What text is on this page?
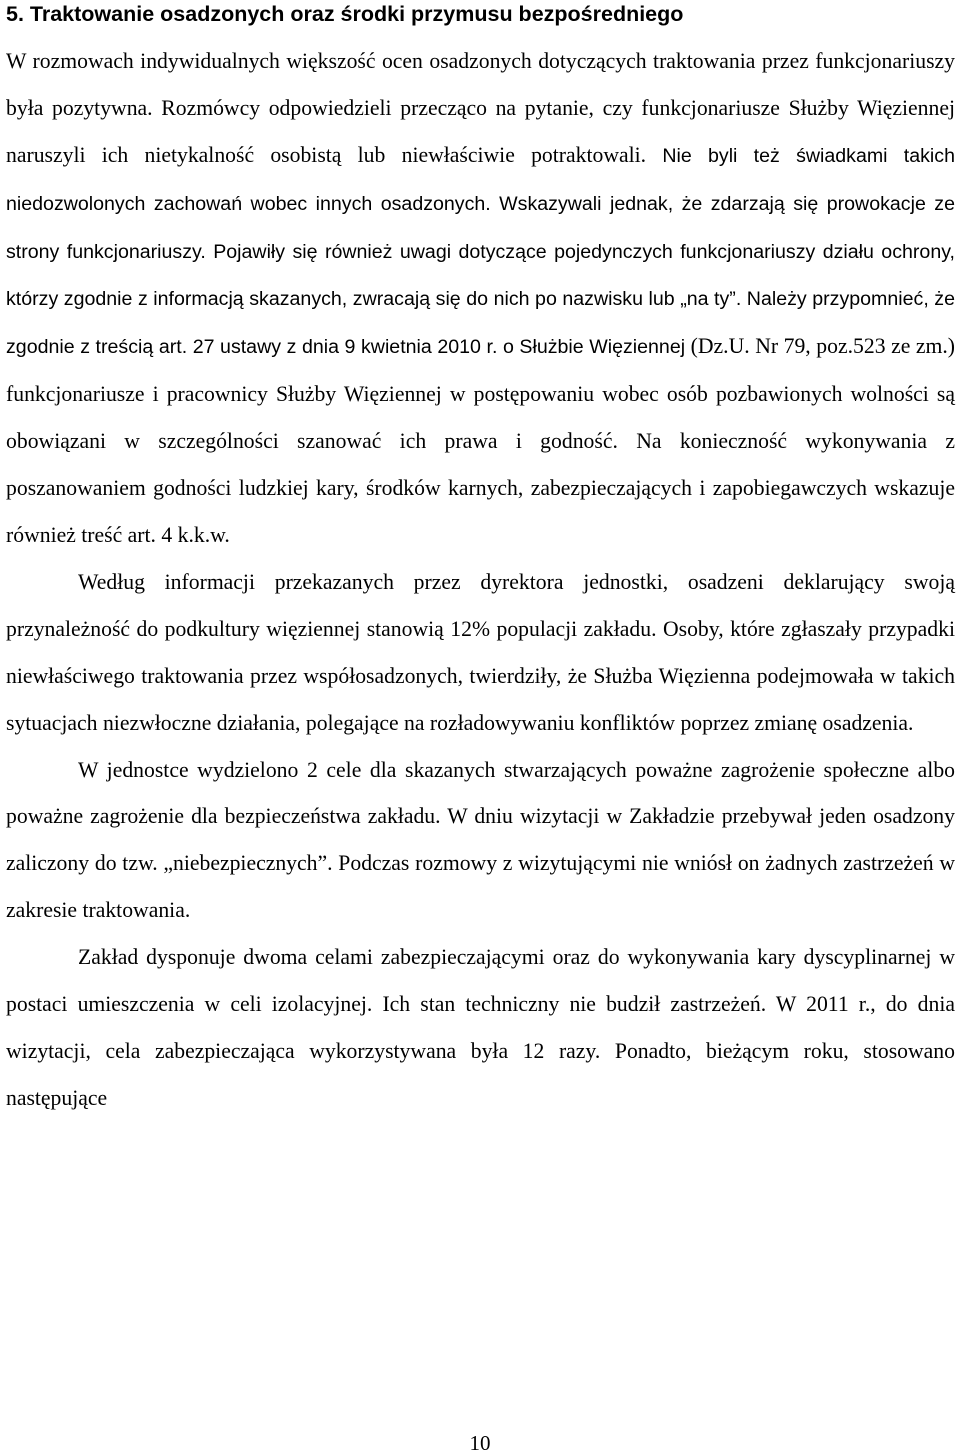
5. Traktowanie osadzonych oraz środki przymusu bezpośredniego

W rozmowach indywidualnych większość ocen osadzonych dotyczących traktowania przez funkcjonariuszy była pozytywna. Rozmówcy odpowiedzieli przecząco na pytanie, czy funkcjonariusze Służby Więziennej naruszyli ich nietykalność osobistą lub niewłaściwie potraktowali. Nie byli też świadkami takich niedozwolonych zachowań wobec innych osadzonych. Wskazywali jednak, że zdarzają się prowokacje ze strony funkcjonariuszy. Pojawiły się również uwagi dotyczące pojedynczych funkcjonariuszy działu ochrony, którzy zgodnie z informacją skazanych, zwracają się do nich po nazwisku lub „na ty”. Należy przypomnieć, że zgodnie z treścią art. 27 ustawy z dnia 9 kwietnia 2010 r. o Służbie Więziennej (Dz.U. Nr 79, poz.523 ze zm.) funkcjonariusze i pracownicy Służby Więziennej w postępowaniu wobec osób pozbawionych wolności są obowiązani w szczególności szanować ich prawa i godność. Na konieczność wykonywania z poszanowaniem godności ludzkiej kary, środków karnych, zabezpieczających i zapobiegawczych wskazuje również treść art. 4 k.k.w.

Według informacji przekazanych przez dyrektora jednostki, osadzeni deklarujący swoją przynależność do podkultury więziennej stanowią 12% populacji zakładu. Osoby, które zgłaszały przypadki niewłaściwego traktowania przez współosadzonych, twierdziły, że Służba Więzienna podejmowała w takich sytuacjach niezwłoczne działania, polegające na rozładowywaniu konfliktów poprzez zmianę osadzenia.

W jednostce wydzielono 2 cele dla skazanych stwarzających poważne zagrożenie społeczne albo poważne zagrożenie dla bezpieczeństwa zakładu. W dniu wizytacji w Zakładzie przebywał jeden osadzony zaliczony do tzw. „niebezpiecznych”. Podczas rozmowy z wizytującymi nie wniósł on żadnych zastrzeżeń w zakresie traktowania.

Zakład dysponuje dwoma celami zabezpieczającymi oraz do wykonywania kary dyscyplinarnej w postaci umieszczenia w celi izolacyjnej. Ich stan techniczny nie budził zastrzeżeń. W 2011 r., do dnia wizytacji, cela zabezpieczająca wykorzystywana była 12 razy. Ponadto, bieżącym roku, stosowano następujące

10
